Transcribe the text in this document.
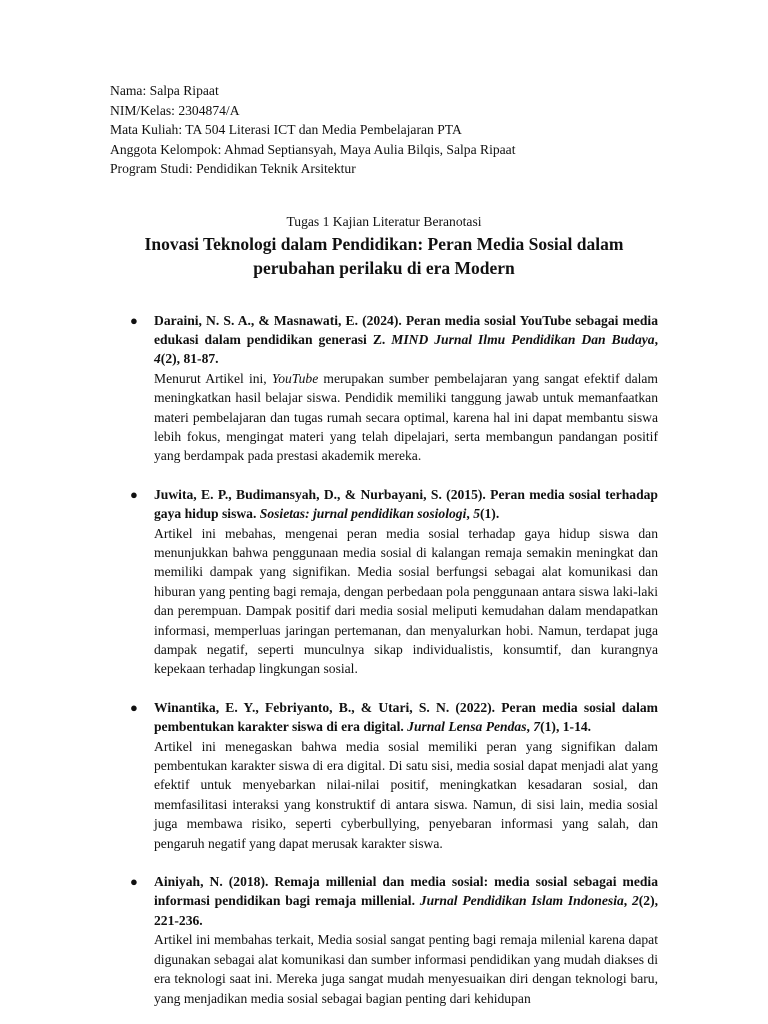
Nama: Salpa Ripaat
NIM/Kelas: 2304874/A
Mata Kuliah: TA 504 Literasi ICT dan Media Pembelajaran PTA
Anggota Kelompok: Ahmad Septiansyah, Maya Aulia Bilqis, Salpa Ripaat
Program Studi: Pendidikan Teknik Arsitektur
Tugas 1 Kajian Literatur Beranotasi
Inovasi Teknologi dalam Pendidikan: Peran Media Sosial dalam
perubahan perilaku di era Modern
● Daraini, N. S. A., & Masnawati, E. (2024). Peran media sosial YouTube sebagai media edukasi dalam pendidikan generasi Z. MIND Jurnal Ilmu Pendidikan Dan Budaya, 4(2), 81-87.
Menurut Artikel ini, YouTube merupakan sumber pembelajaran yang sangat efektif dalam meningkatkan hasil belajar siswa. Pendidik memiliki tanggung jawab untuk memanfaatkan materi pembelajaran dan tugas rumah secara optimal, karena hal ini dapat membantu siswa lebih fokus, mengingat materi yang telah dipelajari, serta membangun pandangan positif yang berdampak pada prestasi akademik mereka.
● Juwita, E. P., Budimansyah, D., & Nurbayani, S. (2015). Peran media sosial terhadap gaya hidup siswa. Sosietas: jurnal pendidikan sosiologi, 5(1).
Artikel ini mebahas, mengenai peran media sosial terhadap gaya hidup siswa dan menunjukkan bahwa penggunaan media sosial di kalangan remaja semakin meningkat dan memiliki dampak yang signifikan. Media sosial berfungsi sebagai alat komunikasi dan hiburan yang penting bagi remaja, dengan perbedaan pola penggunaan antara siswa laki-laki dan perempuan. Dampak positif dari media sosial meliputi kemudahan dalam mendapatkan informasi, memperluas jaringan pertemanan, dan menyalurkan hobi. Namun, terdapat juga dampak negatif, seperti munculnya sikap individualistis, konsumtif, dan kurangnya kepekaan terhadap lingkungan sosial.
● Winantika, E. Y., Febriyanto, B., & Utari, S. N. (2022). Peran media sosial dalam pembentukan karakter siswa di era digital. Jurnal Lensa Pendas, 7(1), 1-14.
Artikel ini menegaskan bahwa media sosial memiliki peran yang signifikan dalam pembentukan karakter siswa di era digital. Di satu sisi, media sosial dapat menjadi alat yang efektif untuk menyebarkan nilai-nilai positif, meningkatkan kesadaran sosial, dan memfasilitasi interaksi yang konstruktif di antara siswa. Namun, di sisi lain, media sosial juga membawa risiko, seperti cyberbullying, penyebaran informasi yang salah, dan pengaruh negatif yang dapat merusak karakter siswa.
● Ainiyah, N. (2018). Remaja millenial dan media sosial: media sosial sebagai media informasi pendidikan bagi remaja millenial. Jurnal Pendidikan Islam Indonesia, 2(2), 221-236.
Artikel ini membahas terkait, Media sosial sangat penting bagi remaja milenial karena dapat digunakan sebagai alat komunikasi dan sumber informasi pendidikan yang mudah diakses di era teknologi saat ini. Mereka juga sangat mudah menyesuaikan diri dengan teknologi baru, yang menjadikan media sosial sebagai bagian penting dari kehidupan
